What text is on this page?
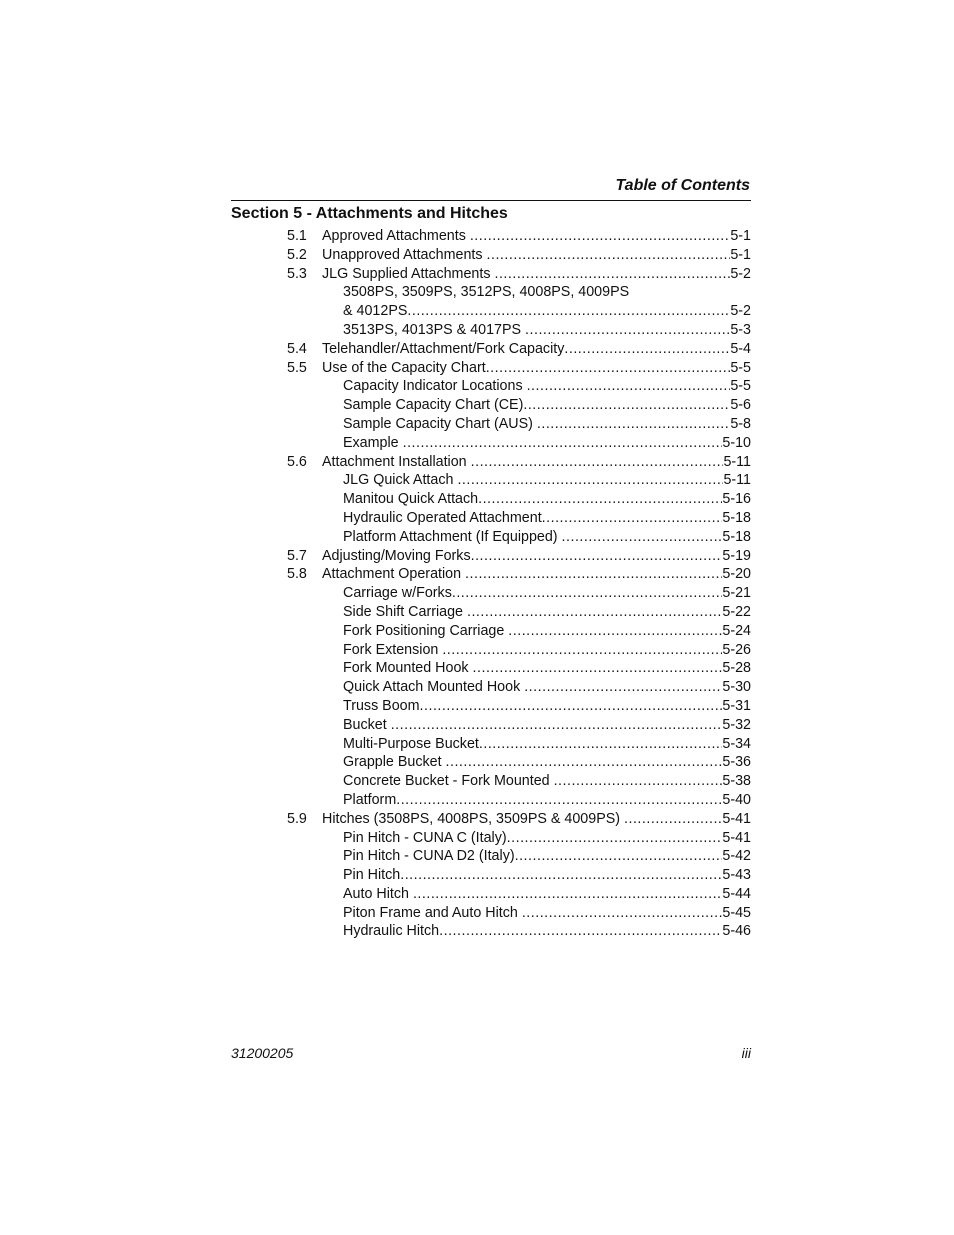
Table of Contents
Section 5 - Attachments and Hitches
5.1 Approved Attachments .....	5-1
5.2 Unapproved Attachments .....	5-1
5.3 JLG Supplied Attachments .....	5-2
3508PS, 3509PS, 3512PS, 4008PS, 4009PS
& 4012PS .....	5-2
3513PS, 4013PS & 4017PS .....	5-3
5.4 Telehandler/Attachment/Fork Capacity .....	5-4
5.5 Use of the Capacity Chart .....	5-5
Capacity Indicator Locations .....	5-5
Sample Capacity Chart (CE) .....	5-6
Sample Capacity Chart (AUS) .....	5-8
Example .....	5-10
5.6 Attachment Installation .....	5-11
JLG Quick Attach .....	5-11
Manitou Quick Attach .....	5-16
Hydraulic Operated Attachment .....	5-18
Platform Attachment (If Equipped) .....	5-18
5.7 Adjusting/Moving Forks .....	5-19
5.8 Attachment Operation .....	5-20
Carriage w/Forks .....	5-21
Side Shift Carriage .....	5-22
Fork Positioning Carriage .....	5-24
Fork Extension .....	5-26
Fork Mounted Hook .....	5-28
Quick Attach Mounted Hook .....	5-30
Truss Boom .....	5-31
Bucket .....	5-32
Multi-Purpose Bucket .....	5-34
Grapple Bucket .....	5-36
Concrete Bucket - Fork Mounted .....	5-38
Platform .....	5-40
5.9 Hitches (3508PS, 4008PS, 3509PS & 4009PS) .....	5-41
Pin Hitch - CUNA C (Italy) .....	5-41
Pin Hitch - CUNA D2 (Italy) .....	5-42
Pin Hitch .....	5-43
Auto Hitch .....	5-44
Piton Frame and Auto Hitch .....	5-45
Hydraulic Hitch .....	5-46
31200205	iii
